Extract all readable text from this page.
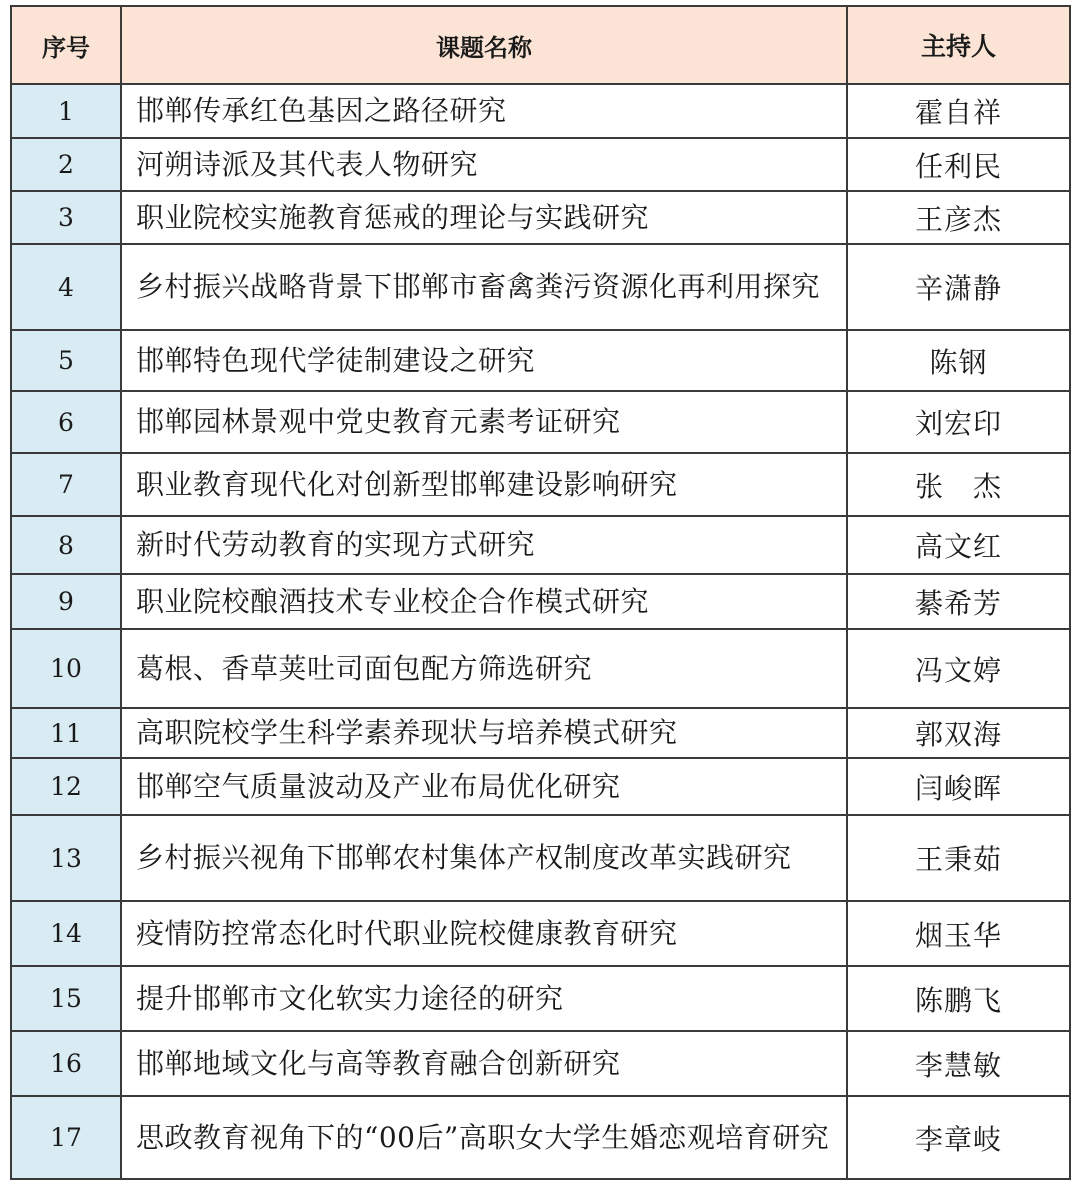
序号	课题名称	主持人
1	邯郸传承红色基因之路径研究	霍自祥
2	河朔诗派及其代表人物研究	任利民
3	职业院校实施教育惩戒的理论与实践研究	王彦杰
4	乡村振兴战略背景下邯郸市畜禽粪污资源化再利用探究	辛潇静
5	邯郸特色现代学徒制建设之研究	陈钢
6	邯郸园林景观中党史教育元素考证研究	刘宏印
7	职业教育现代化对创新型邯郸建设影响研究	张　杰
8	新时代劳动教育的实现方式研究	高文红
9	职业院校酿酒技术专业校企合作模式研究	綦希芳
10	葛根、香草荚吐司面包配方筛选研究	冯文婷
11	高职院校学生科学素养现状与培养模式研究	郭双海
12	邯郸空气质量波动及产业布局优化研究	闫峻晖
13	乡村振兴视角下邯郸农村集体产权制度改革实践研究	王秉茹
14	疫情防控常态化时代职业院校健康教育研究	烟玉华
15	提升邯郸市文化软实力途径的研究	陈鹏飞
16	邯郸地域文化与高等教育融合创新研究	李慧敏
17	思政教育视角下的“00后”高职女大学生婚恋观培育研究	李章岐
